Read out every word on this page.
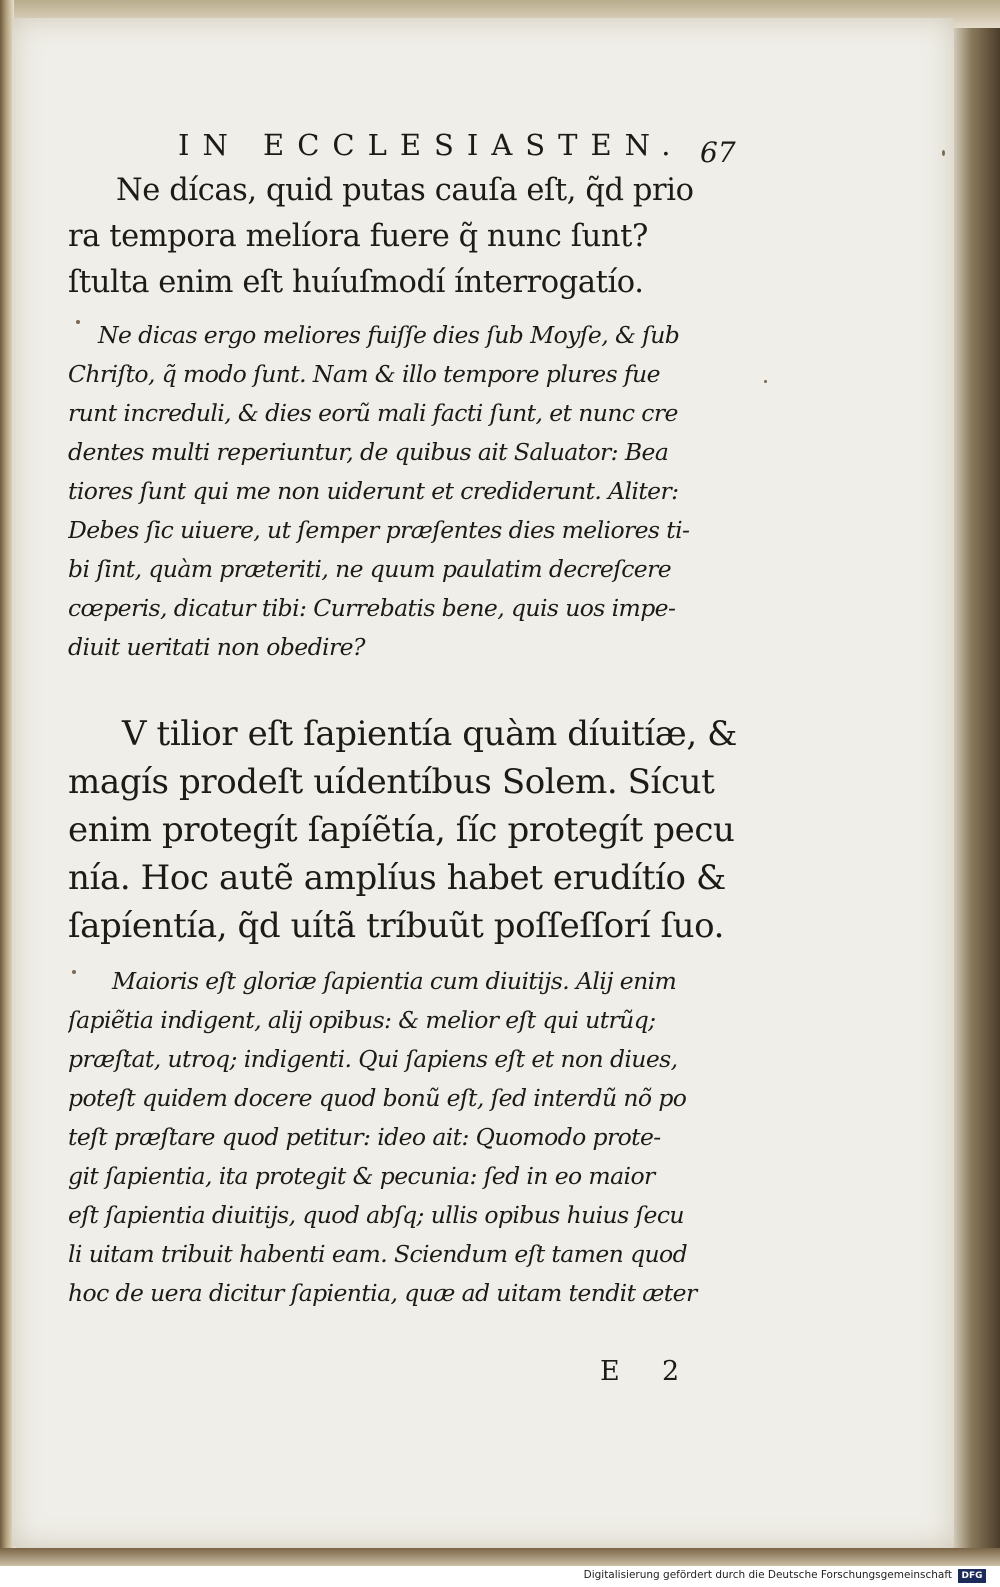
IN ECCLESIASTEN. 67
Ne dícas, quid putas cauſa eſt, q̃d prio
ra tempora melíora fuere q̃ nunc ſunt?
ſtulta enim eſt huíuſmodí ínterrogatío.
Ne dicas ergo meliores fuiſſe dies ſub Moyſe, & ſub
Chriſto, q̃ modo ſunt. Nam & illo tempore plures fue
runt increduli, & dies eorũ mali facti ſunt, et nunc cre
dentes multi reperiuntur, de quibus ait Saluator: Bea
tiores ſunt qui me non uiderunt et crediderunt. Aliter:
Debes ſic uiuere, ut ſemper præſentes dies meliores ti-
bi ſint, quàm præteriti, ne quum paulatim decreſcere
cœperis, dicatur tibi: Currebatis bene, quis uos impe-
diuit ueritati non obedire?
V tilior eſt ſapientía quàm díuitíæ, &
magís prodeſt uídentíbus Solem. Sícut
enim protegít ſapíẽtía, ſíc protegít pecu
nía. Hoc autẽ amplíus habet erudítío &
ſapíentía, q̃d uítã tríbuũt poſſeſſorí ſuo.
Maioris eſt gloriæ ſapientia cum diuitijs. Alij enim
ſapiẽtia indigent, alij opibus: & melior eſt qui utrũq;
præſtat, utroq; indigenti. Qui ſapiens eſt et non diues,
poteſt quidem docere quod bonũ eſt, ſed interdũ nõ po
teſt præſtare quod petitur: ideo ait: Quomodo prote-
git ſapientia, ita protegit & pecunia: ſed in eo maior
eſt ſapientia diuitijs, quod abſq; ullis opibus huius ſecu
li uitam tribuit habenti eam. Sciendum eſt tamen quod
hoc de uera dicitur ſapientia, quæ ad uitam tendit æter
E 2
Digitalisierung gefördert durch die Deutsche Forschungsgemeinschaft	DFG
